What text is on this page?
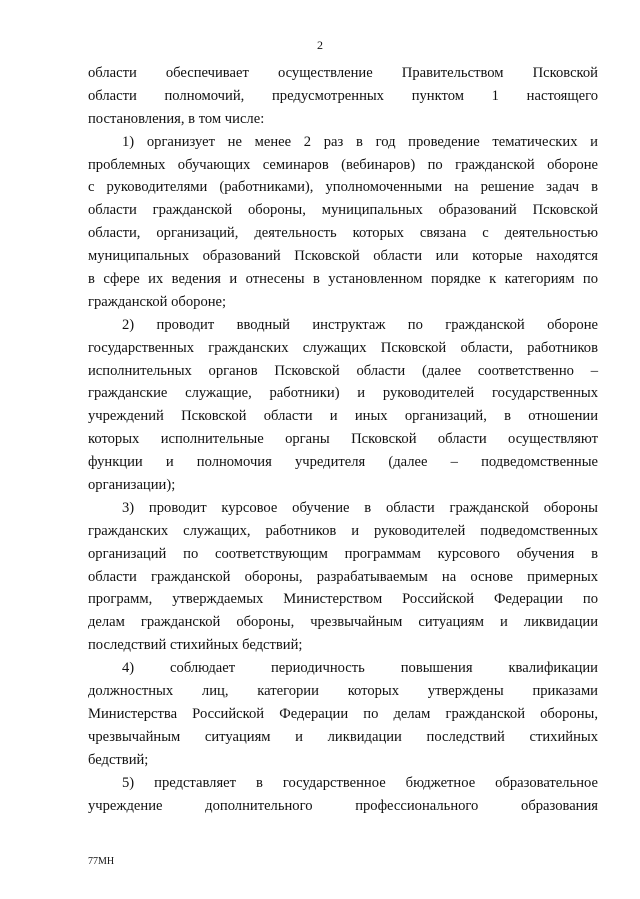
2
области обеспечивает осуществление Правительством Псковской
области полномочий, предусмотренных пунктом 1 настоящего
постановления, в том числе:
1) организует не менее 2 раз в год проведение тематических и
проблемных обучающих семинаров (вебинаров) по гражданской обороне
с руководителями (работниками), уполномоченными на решение задач в
области гражданской обороны, муниципальных образований Псковской
области, организаций, деятельность которых связана с деятельностью
муниципальных образований Псковской области или которые находятся
в сфере их ведения и отнесены в установленном порядке к категориям по
гражданской обороне;
2) проводит вводный инструктаж по гражданской обороне
государственных гражданских служащих Псковской области, работников
исполнительных органов Псковской области (далее соответственно –
гражданские служащие, работники) и руководителей государственных
учреждений Псковской области и иных организаций, в отношении
которых исполнительные органы Псковской области осуществляют
функции и полномочия учредителя (далее – подведомственные
организации);
3) проводит курсовое обучение в области гражданской обороны
гражданских служащих, работников и руководителей подведомственных
организаций по соответствующим программам курсового обучения в
области гражданской обороны, разрабатываемым на основе примерных
программ, утверждаемых Министерством Российской Федерации по
делам гражданской обороны, чрезвычайным ситуациям и ликвидации
последствий стихийных бедствий;
4) соблюдает периодичность повышения квалификации
должностных лиц, категории которых утверждены приказами
Министерства Российской Федерации по делам гражданской обороны,
чрезвычайным ситуациям и ликвидации последствий стихийных
бедствий;
5) представляет в государственное бюджетное образовательное
учреждение дополнительного профессионального образования
77МН
